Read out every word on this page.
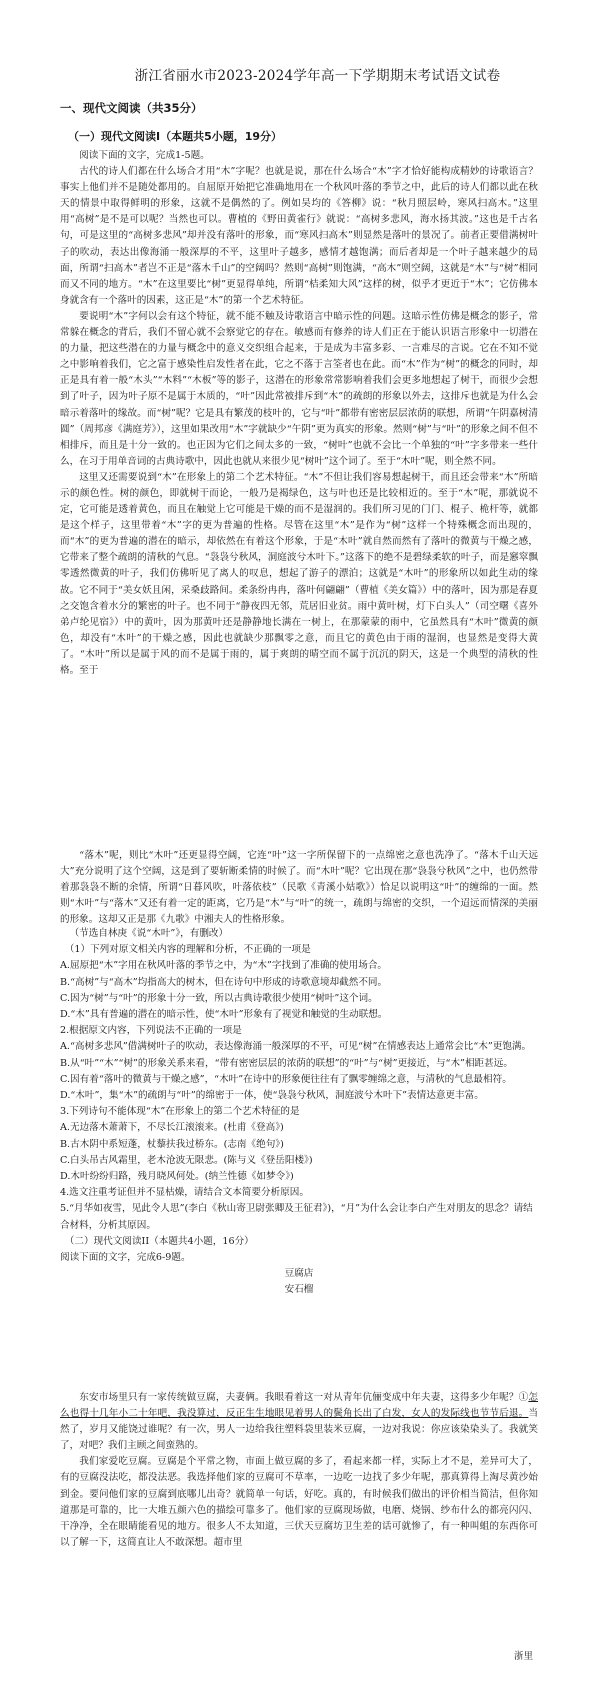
浙江省丽水市2023-2024学年高一下学期期末考试语文试卷
一、现代文阅读（共35分）
（一）现代文阅读Ⅰ（本题共5小题，19分）

阅读下面的文字，完成1-5题。

古代的诗人们都在什么场合才用“木”字呢？也就是说，那在什么场合“木”字才恰好能构成精妙的诗歌语言？事实上他们并不是随处都用的。自屈原开始把它准确地用在一个秋风叶落的季节之中，此后的诗人们都以此在秋天的情景中取得鲜明的形象，这就不是偶然的了。例如吴均的《答柳》说：“秋月照层岭，寒风扫高木。”这里用“高树”是不是可以呢？当然也可以。曹植的《野田黄雀行》就说：“高树多悲风，海水扬其波。”这也是千古名句，可是这里的“高树多悲风”却并没有落叶的形象，而“寒风扫高木”则显然是落叶的景况了。前者正要借满树叶子的吹动，表达出像海涌一般深厚的不平，这里叶子越多，感情才越饱满；而后者却是一个叶子越来越少的局面，所谓“扫高木”者岂不正是“落木千山”的空阔吗？然则“高树”则饱满，“高木”则空阔，这就是“木”与“树”相同而又不同的地方。“木”在这里要比“树”更显得单纯，所谓“桔柔知大风”这样的树，似乎才更近于“木”；它仿佛本身就含有一个落叶的因素，这正是“木”的第一个艺术特征。

要说明“木”字何以会有这个特征，就不能不触及诗歌语言中暗示性的问题。这暗示性仿佛是概念的影子，常常躲在概念的背后，我们不留心就不会察觉它的存在。敏感而有修养的诗人们正在于能认识语言形象中一切潜在的力量，把这些潜在的力量与概念中的意义交织组合起来，于是成为丰富多彩、一言难尽的言说。它在不知不觉之中影响着我们，它之富于感染性启发性者在此，它之不落于言筌者也在此。而“木”作为“树”的概念的同时，却正是具有着一般“木头”“木料”“木板”等的影子，这潜在的形象常常影响着我们会更多地想起了树干，而很少会想到了叶子，因为叶子原不是属于木质的，“叶”因此常被排斥到“木”的疏朗的形象以外去，这排斥也就是为什么会暗示着落叶的缘故。而“树”呢？它是具有繁茂的枝叶的，它与“叶”都带有密密层层浓荫的联想，所谓“午阴嘉树清圆”（周邦彦《满庭芳》），这里如果改用“木”字就缺少“午阴”更为真实的形象。然则“树”与“叶”的形象之间不但不相排斥，而且是十分一致的。也正因为它们之间太多的一致，“树叶”也就不会比一个单独的“叶”字多带来一些什么，在习于用单音词的古典诗歌中，因此也就从来很少见“树叶”这个词了。至于“木叶”呢，则全然不同。

这里又还需要说到“木”在形象上的第二个艺术特征。“木”不但让我们容易想起树干，而且还会带来“木”所暗示的颜色性。树的颜色，即就树干而论，一般乃是褐绿色，这与叶也还是比较相近的。至于“木”呢，那就说不定，它可能是透着黄色，而且在触觉上它可能是干燥的而不是湿润的。我们所习见的门门、棍子、桅杆等，就都是这个样子，这里带着“木”字的更为普遍的性格。尽管在这里“木”是作为“树”这样一个特殊概念而出现的，而“木”的更为普遍的潜在的暗示，却依然在有着这个形象，于是“木叶”就自然而然有了落叶的微黄与干燥之感，它带来了整个疏朗的清秋的气息。“袅袅兮秋风，洞庭波兮木叶下。”这落下的绝不是碧绿柔软的叶子，而是窸窣飘零透然微黄的叶子，我们仿佛听见了离人的叹息，想起了游子的漂泊；这就是“木叶”的形象所以如此生动的缘故。它不同于“美女妖且闲，采桑歧路间。柔条纷冉冉，落叶何翩翩”（曹植《美女篇》）中的落叶，因为那是春夏之交饱含着水分的繁密的叶子。也不同于“静夜四无邻，荒居旧业贫。雨中黄叶树，灯下白头人”（司空曙《喜外弟卢纶见宿》）中的黄叶，因为那黄叶还是静静地长满在一树上，在那蒙蒙的雨中，它虽然具有“木叶”微黄的颜色，却没有“木叶”的干燥之感，因此也就缺少那飘零之意，而且它的黄色由于雨的湿润，也显然是变得大黄了。“木叶”所以是属于风的而不是属于雨的，属于爽朗的晴空而不属于沉沉的阴天，这是一个典型的清秋的性格。至于

“落木”呢，则比“木叶”还更显得空阔，它连“叶”这一字所保留下的一点绵密之意也洗净了。“落木千山天远大”充分说明了这个空阔，这是到了要斩断柔情的时候了。而“木叶”呢？它出现在那“袅袅兮秋风”之中，也仍然带着那袅袅不断的余情，所谓“日暮风吹，叶落依枝”（民歌《青溪小姑歌》）恰足以说明这“叶”的缠绵的一面。然则“木叶”与“落木”又还有着一定的距离，它乃是“木”与“叶”的统一，疏朗与绵密的交织，一个迢远而情深的美丽的形象。这却又正是那《九歌》中湘夫人的性格形象。

（节选自林庚《说“木叶”》，有删改）
（1）下列对原文相关内容的理解和分析，不正确的一项是
A.屈原把“木”字用在秋风叶落的季节之中，为“木”字找到了准确的使用场合。
B.“高树”与“高木”均指高大的树木，但在诗句中形成的诗歌意境却截然不同。
C.因为“树”与“叶”的形象十分一致，所以古典诗歌很少使用“树叶”这个词。
D.“木”具有普遍的潜在的暗示性，使“木叶”形象有了视觉和触觉的生动联想。
2.根据原文内容，下列说法不正确的一项是
A.“高树多悲风”借满树叶子的吹动，表达像海涌一般深厚的不平，可见“树”在情感表达上通常会比“木”更饱满。
B.从“叶”“木”“树”的形象关系来看，“带有密密层层的浓荫的联想”的“叶”与“树”更接近，与“木”相距甚远。
C.因有着“落叶的微黄与干燥之感”，“木叶”在诗中的形象便往往有了飘零缠绵之意，与清秋的气息最相符。
D.“木叶”，集“木”的疏朗与“叶”的绵密于一体，使“袅袅兮秋风，洞庭波兮木叶下”表情达意更丰富。
3.下列诗句不能体现“木”在形象上的第二个艺术特征的是
A.无边落木萧萧下，不尽长江滚滚来。(杜甫《登高》)
B.古木阴中系短蓬，杖藜扶我过桥东。(志南《绝句》)
C.白头吊古风霜里，老木沧波无限悲。(陈与义《登岳阳楼》)
D.木叶纷纷归路，残月晓风何处。(纳兰性德《如梦令》)
4.选文注重考证但并不显枯燥，请结合文本简要分析原因。
5.“月华如夜雪，见此令人思”(李白《秋山寄卫尉张卿及王征君》)，“月”为什么会让李白产生对朋友的思念？请结合材料，分析其原因。
（二）现代文阅读II（本题共4小题，16分）
阅读下面的文字，完成6-9题。
豆腐店
安石榴

东安市场里只有一家传统做豆腐，夫妻俩。我眼看着这一对从青年伉俪变成中年夫妻，这得多少年呢？①怎么也得十几年小二十年吧，我没算过，反正生生地眼见着男人的鬓角长出了白发，女人的发际线也节节后退。当然了，岁月又能饶过谁呢？有一次，男人一边给我往塑料袋里装米豆腐，一边对我说：你应该染染头了。我就笑了，对吧？我们主顾之间蛮熟的。

我们家爱吃豆腐。豆腐是个平常之物，市面上做豆腐的多了，看起来都一样，实际上才不是，差异可大了，有的豆腐没法吃，都没法恶。我选择他们家的豆腐可不草率，一边吃一边找了多少年呢，那真算得上淘尽黄沙始到金。要问他们家的豆腐到底哪儿出奇？就简单一句话，好吃。真的，有时候我们做出的评价相当简洁，但你知道那是可靠的，比一大堆五颜六色的描绘可靠多了。他们家的豆腐现场做，电磨、烧锅、纱布什么的都亮闪闪、干净净，全在眼睛能看见的地方。很多人不太知道，三伏天豆腐坊卫生差的话可就惨了，有一种叫蛆的东西你可以了解一下，这简直让人不敢深想。超市里

浙里
